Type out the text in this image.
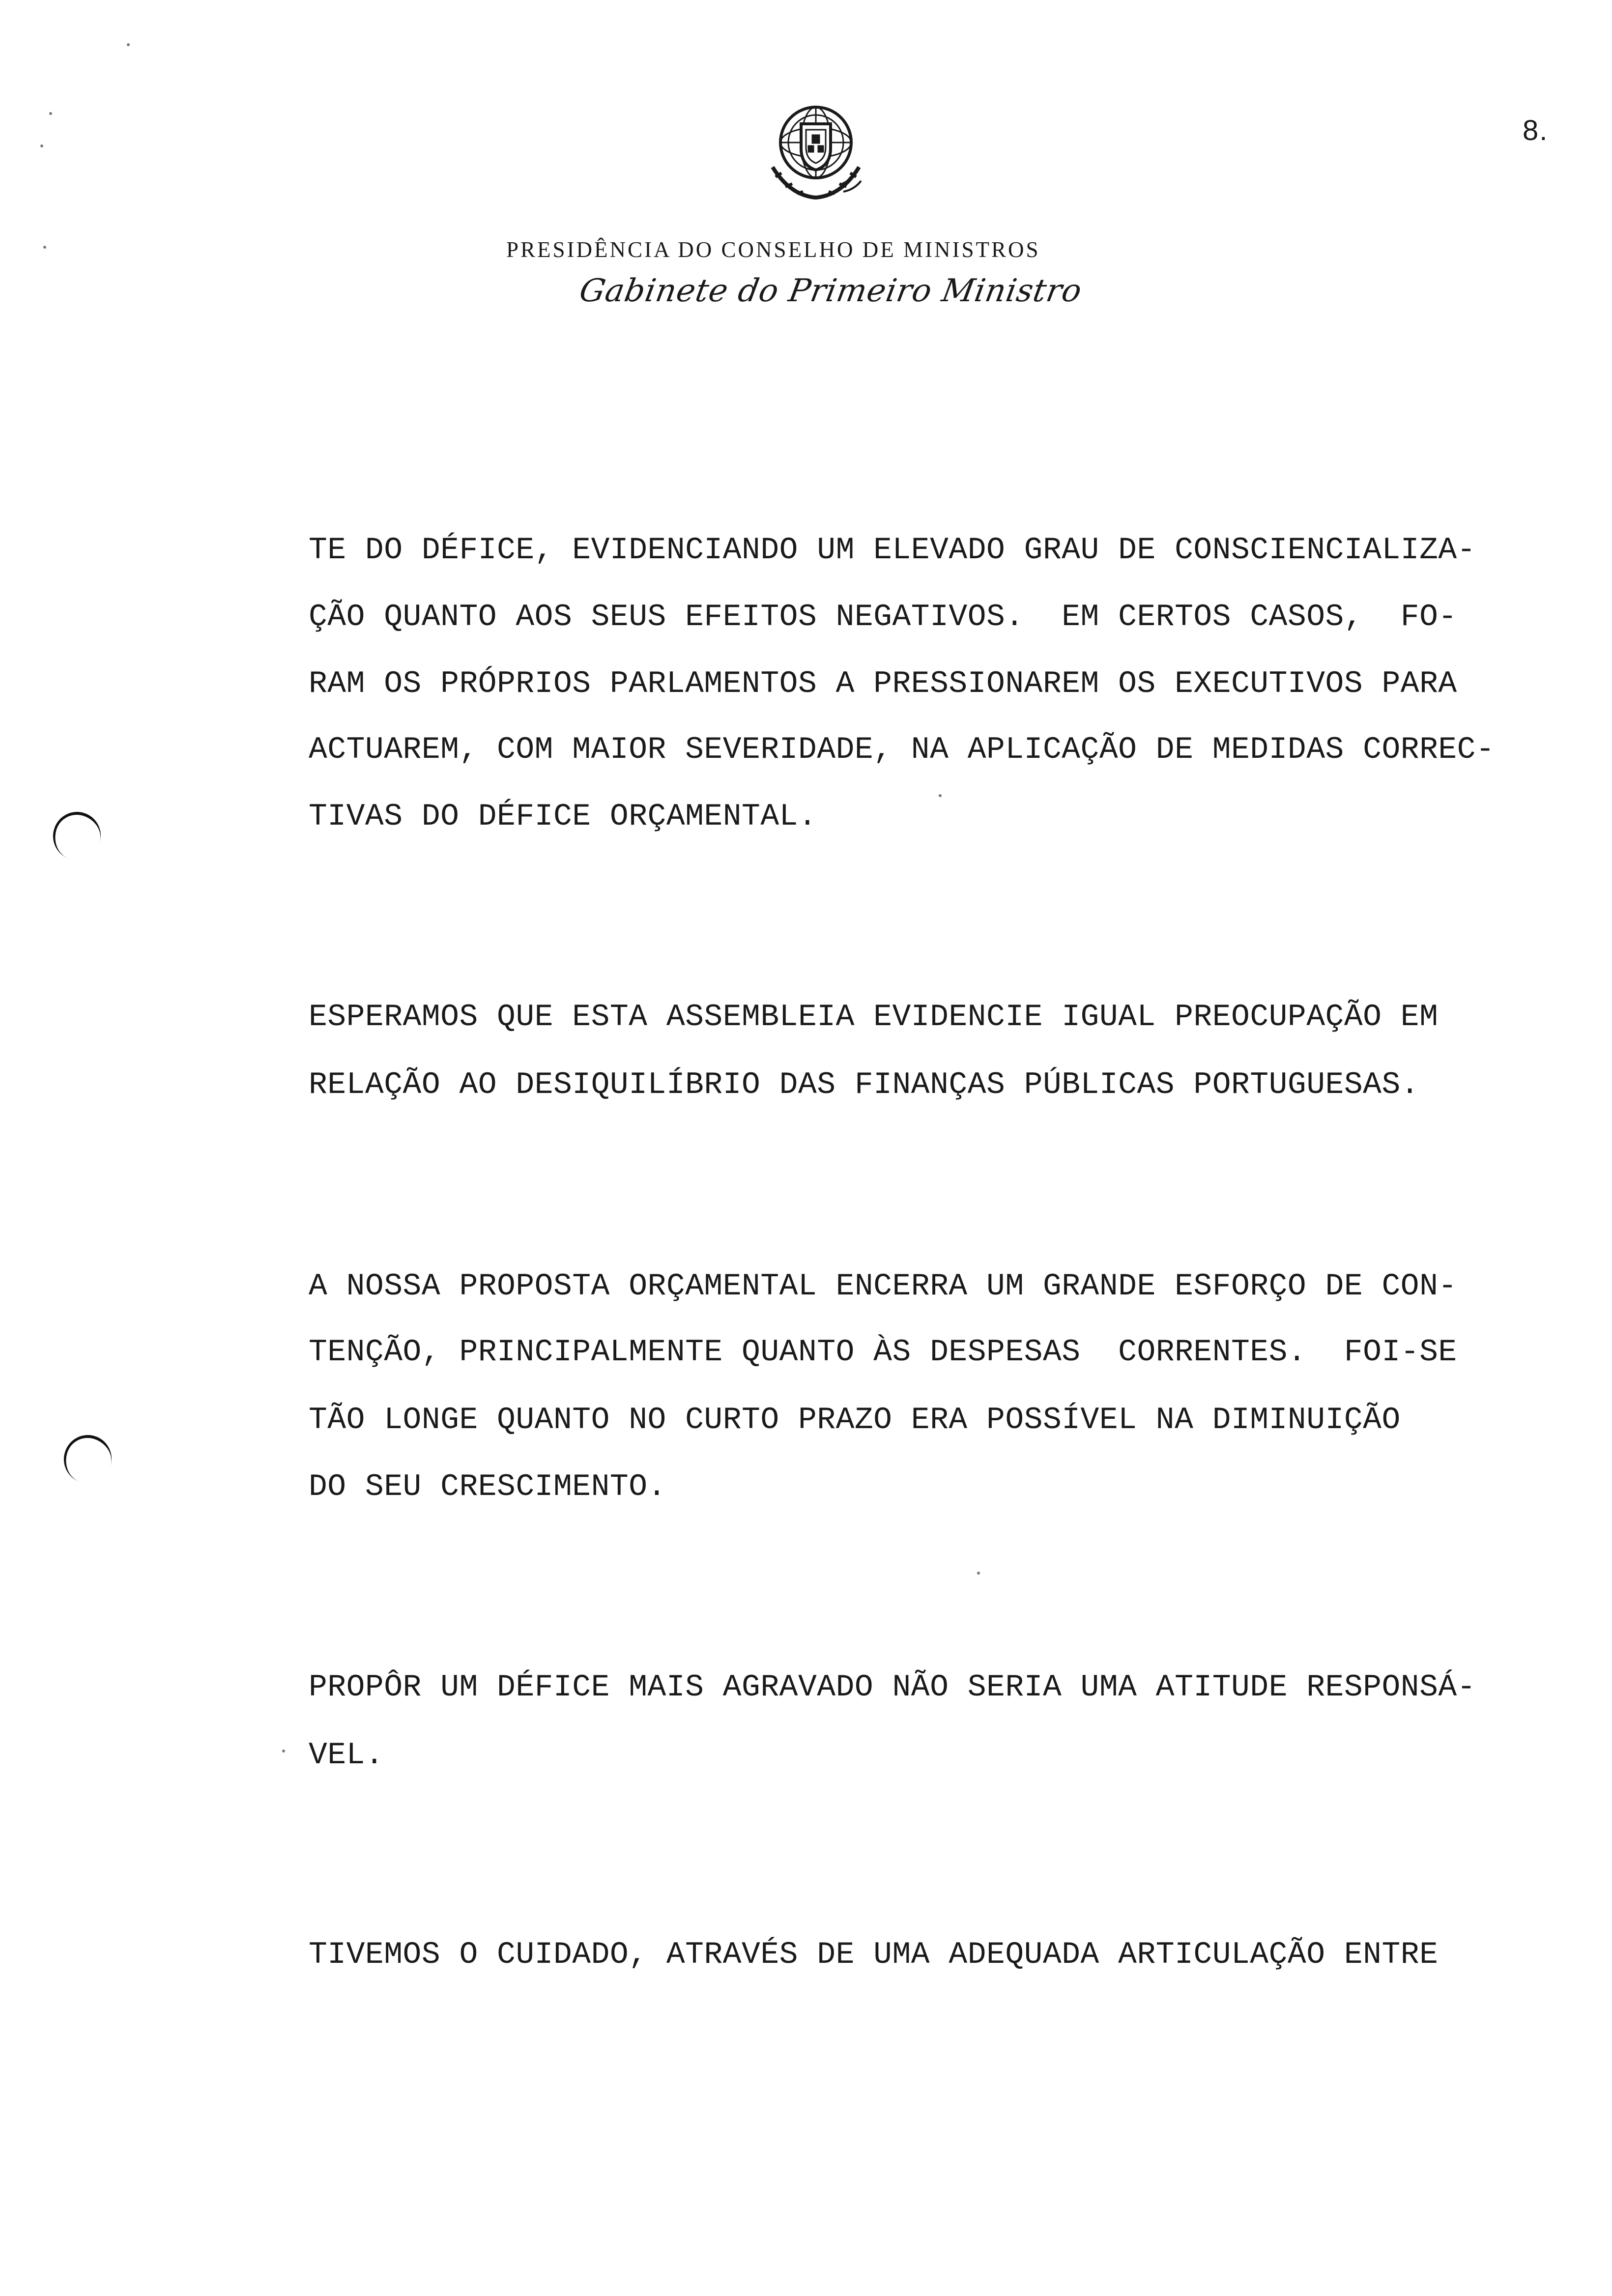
8.
PRESIDÊNCIA DO CONSELHO DE MINISTROS
Gabinete do Primeiro Ministro
TE DO DÉFICE, EVIDENCIANDO UM ELEVADO GRAU DE CONSCIENCIALIZA-
ÇÃO QUANTO AOS SEUS EFEITOS NEGATIVOS.  EM CERTOS CASOS,  FO-
RAM OS PRÓPRIOS PARLAMENTOS A PRESSIONAREM OS EXECUTIVOS PARA
ACTUAREM, COM MAIOR SEVERIDADE, NA APLICAÇÃO DE MEDIDAS CORREC-
TIVAS DO DÉFICE ORÇAMENTAL.
ESPERAMOS QUE ESTA ASSEMBLEIA EVIDENCIE IGUAL PREOCUPAÇÃO EM
RELAÇÃO AO DESIQUILÍBRIO DAS FINANÇAS PÚBLICAS PORTUGUESAS.
A NOSSA PROPOSTA ORÇAMENTAL ENCERRA UM GRANDE ESFORÇO DE CON-
TENÇÃO, PRINCIPALMENTE QUANTO ÀS DESPESAS  CORRENTES.  FOI-SE
TÃO LONGE QUANTO NO CURTO PRAZO ERA POSSÍVEL NA DIMINUIÇÃO
DO SEU CRESCIMENTO.
PROPÔR UM DÉFICE MAIS AGRAVADO NÃO SERIA UMA ATITUDE RESPONSÁ-
VEL.
TIVEMOS O CUIDADO, ATRAVÉS DE UMA ADEQUADA ARTICULAÇÃO ENTRE
